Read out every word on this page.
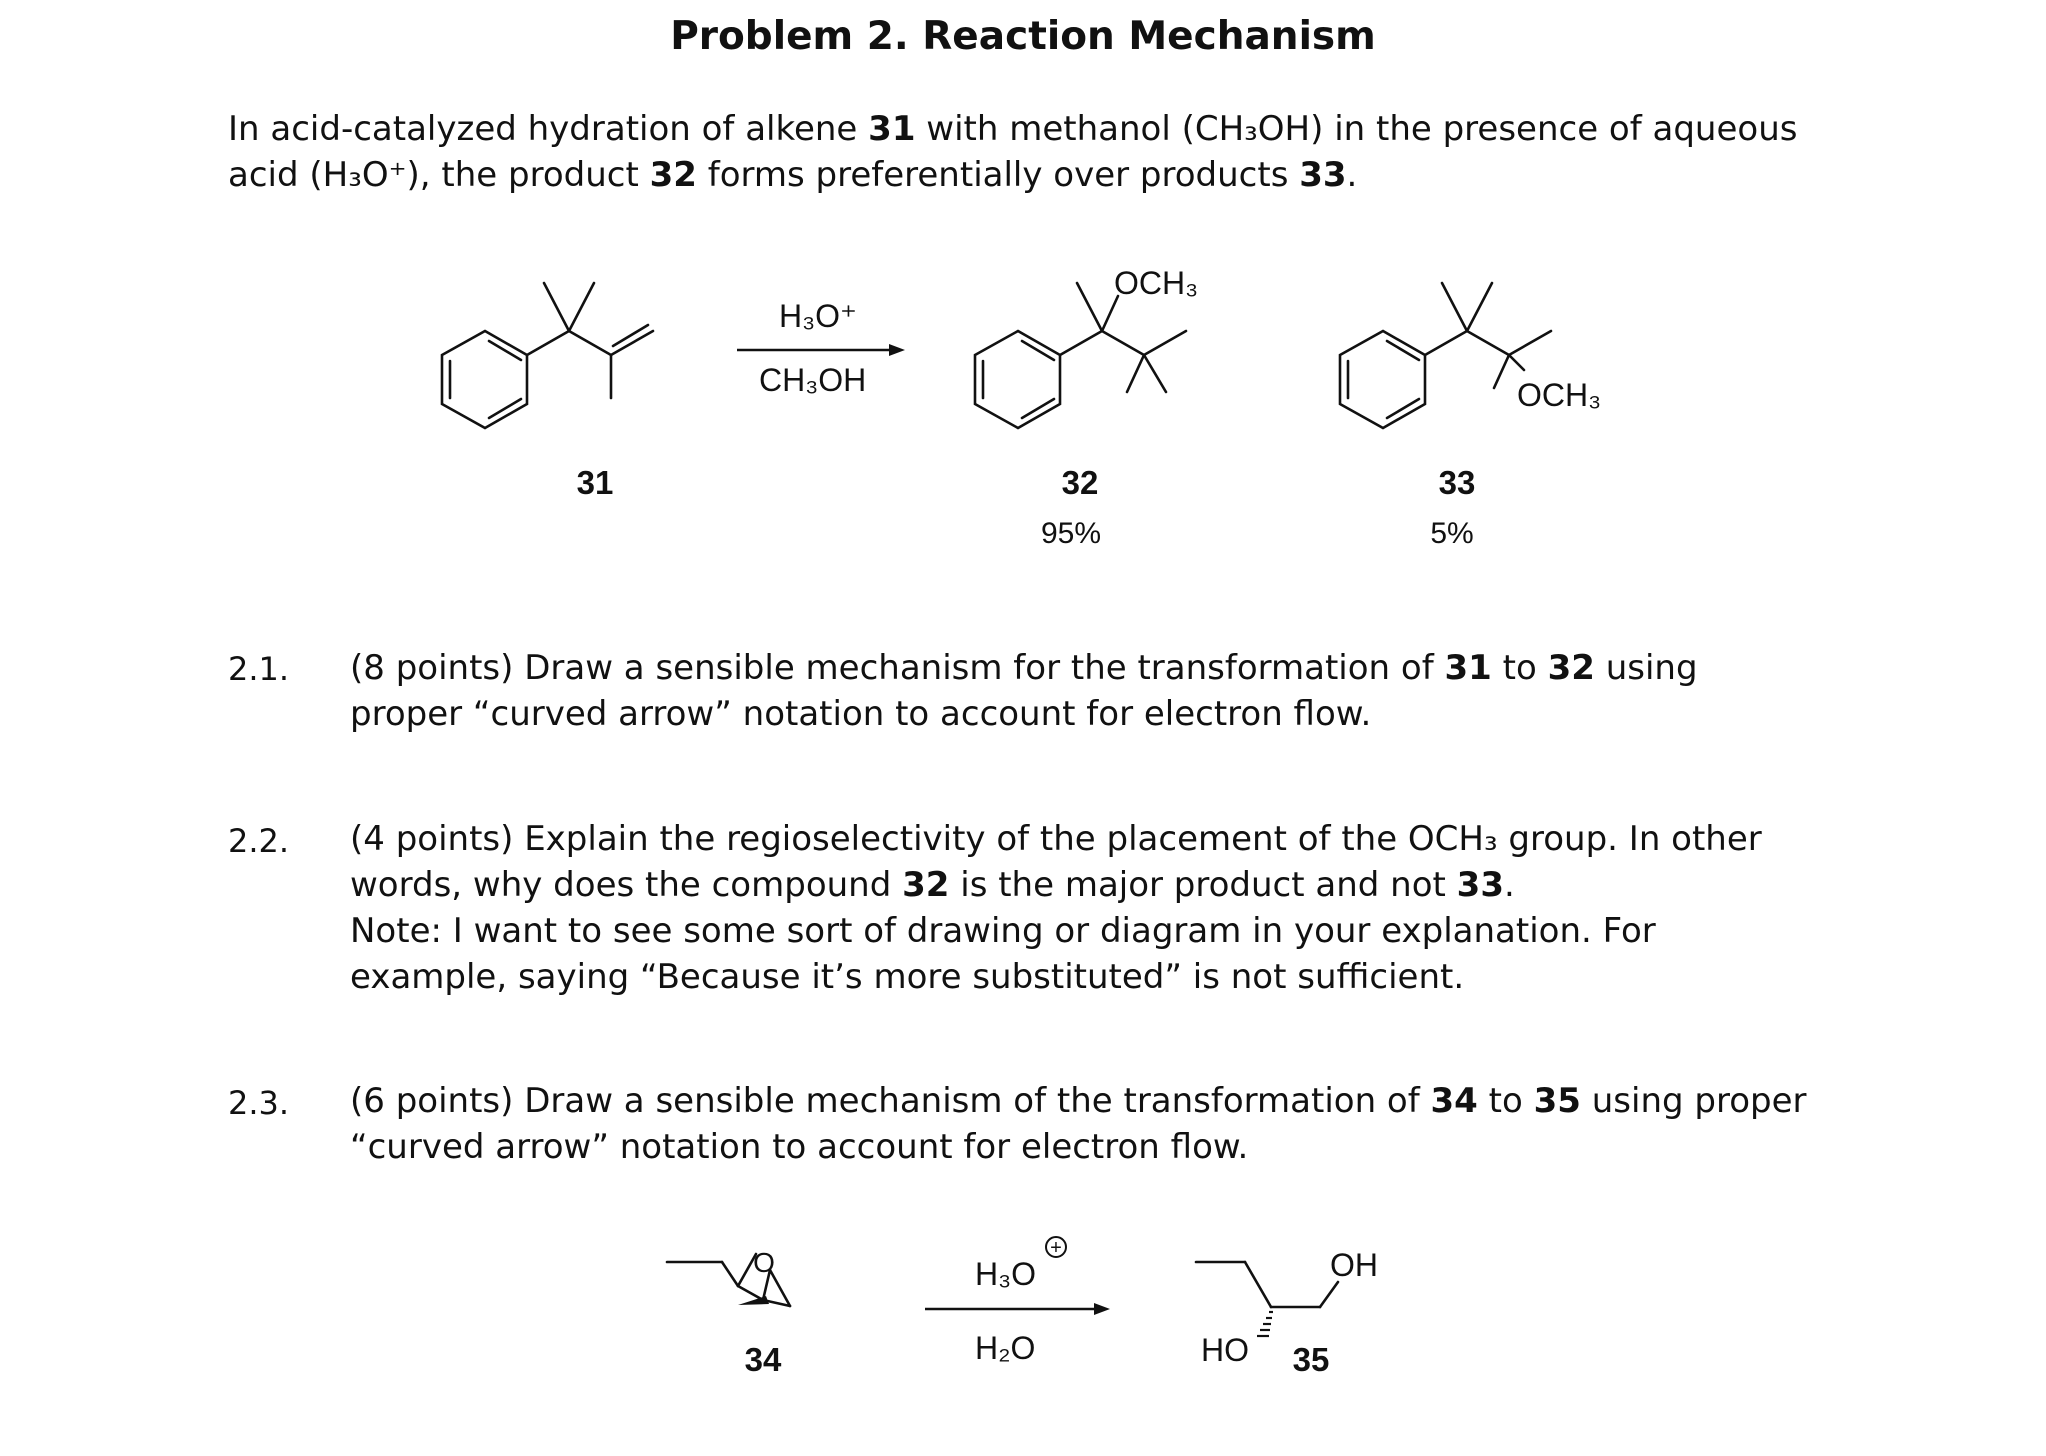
Problem 2. Reaction Mechanism
In acid-catalyzed hydration of alkene 31 with methanol (CH₃OH) in the presence of aqueous acid (H₃O⁺), the product 32 forms preferentially over products 33.
H₃O⁺
CH₃OH
OCH₃
OCH₃
31	32	33
95%	5%
O	H₃O
+
H₂O
OH
HO
34	35
2.1. (8 points) Draw a sensible mechanism for the transformation of 31 to 32 using proper “curved arrow” notation to account for electron flow.
2.2. (4 points) Explain the regioselectivity of the placement of the OCH₃ group. In other words, why does the compound 32 is the major product and not 33.
Note: I want to see some sort of drawing or diagram in your explanation. For example, saying “Because it’s more substituted” is not sufficient.
2.3. (6 points) Draw a sensible mechanism of the transformation of 34 to 35 using proper “curved arrow” notation to account for electron flow.
